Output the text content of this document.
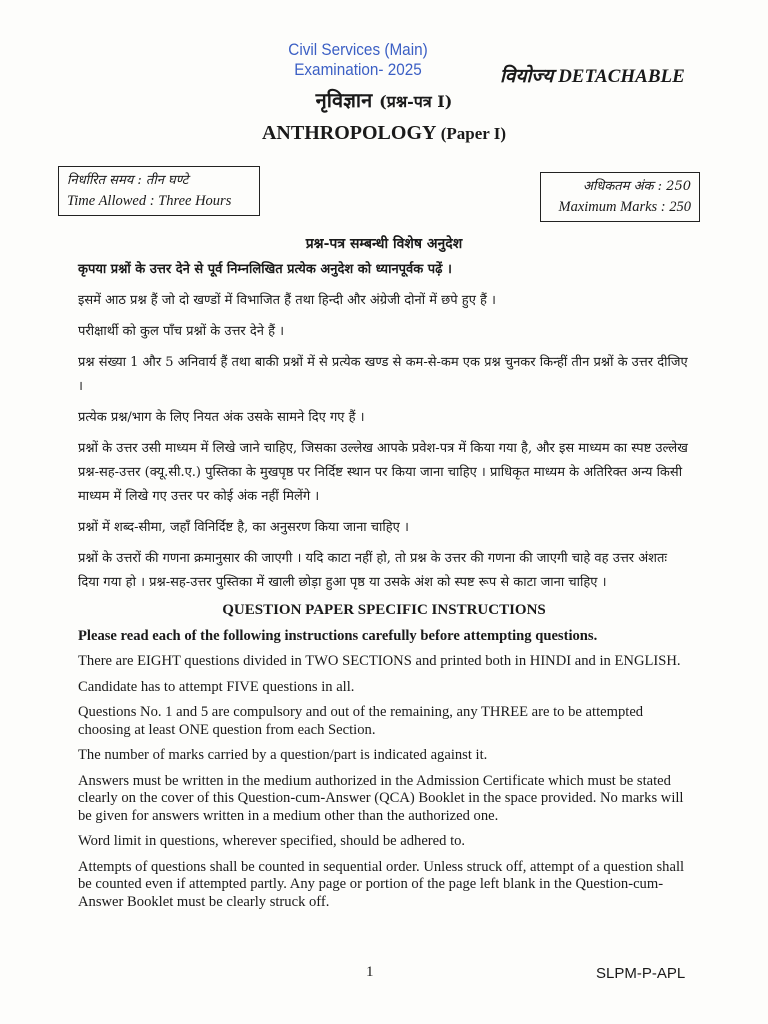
Civil Services (Main)
Examination- 2025	वियोज्य DETACHABLE
नृविज्ञान (प्रश्न-पत्र I)
ANTHROPOLOGY (Paper I)
निर्धारित समय : तीन घण्टे
Time Allowed : Three Hours
अधिकतम अंक : 250
Maximum Marks : 250
प्रश्न-पत्र सम्बन्धी विशेष अनुदेश

कृपया प्रश्नों के उत्तर देने से पूर्व निम्नलिखित प्रत्येक अनुदेश को ध्यानपूर्वक पढ़ें ।

इसमें आठ प्रश्न हैं जो दो खण्डों में विभाजित हैं तथा हिन्दी और अंग्रेजी दोनों में छपे हुए हैं ।

परीक्षार्थी को कुल पाँच प्रश्नों के उत्तर देने हैं ।

प्रश्न संख्या 1 और 5 अनिवार्य हैं तथा बाकी प्रश्नों में से प्रत्येक खण्ड से कम-से-कम एक प्रश्न चुनकर किन्हीं तीन प्रश्नों के उत्तर दीजिए ।

प्रत्येक प्रश्न/भाग के लिए नियत अंक उसके सामने दिए गए हैं ।

प्रश्नों के उत्तर उसी माध्यम में लिखे जाने चाहिए, जिसका उल्लेख आपके प्रवेश-पत्र में किया गया है, और इस माध्यम का स्पष्ट उल्लेख प्रश्न-सह-उत्तर (क्यू.सी.ए.) पुस्तिका के मुखपृष्ठ पर निर्दिष्ट स्थान पर किया जाना चाहिए । प्राधिकृत माध्यम के अतिरिक्त अन्य किसी माध्यम में लिखे गए उत्तर पर कोई अंक नहीं मिलेंगे ।

प्रश्नों में शब्द-सीमा, जहाँ विनिर्दिष्ट है, का अनुसरण किया जाना चाहिए ।

प्रश्नों के उत्तरों की गणना क्रमानुसार की जाएगी । यदि काटा नहीं हो, तो प्रश्न के उत्तर की गणना की जाएगी चाहे वह उत्तर अंशतः दिया गया हो । प्रश्न-सह-उत्तर पुस्तिका में खाली छोड़ा हुआ पृष्ठ या उसके अंश को स्पष्ट रूप से काटा जाना चाहिए ।

QUESTION PAPER SPECIFIC INSTRUCTIONS

Please read each of the following instructions carefully before attempting questions.

There are EIGHT questions divided in TWO SECTIONS and printed both in HINDI and in ENGLISH.

Candidate has to attempt FIVE questions in all.

Questions No. 1 and 5 are compulsory and out of the remaining, any THREE are to be attempted choosing at least ONE question from each Section.

The number of marks carried by a question/part is indicated against it.

Answers must be written in the medium authorized in the Admission Certificate which must be stated clearly on the cover of this Question-cum-Answer (QCA) Booklet in the space provided. No marks will be given for answers written in a medium other than the authorized one.

Word limit in questions, wherever specified, should be adhered to.

Attempts of questions shall be counted in sequential order. Unless struck off, attempt of a question shall be counted even if attempted partly. Any page or portion of the page left blank in the Question-cum-Answer Booklet must be clearly struck off.

1	SLPM-P-APL
